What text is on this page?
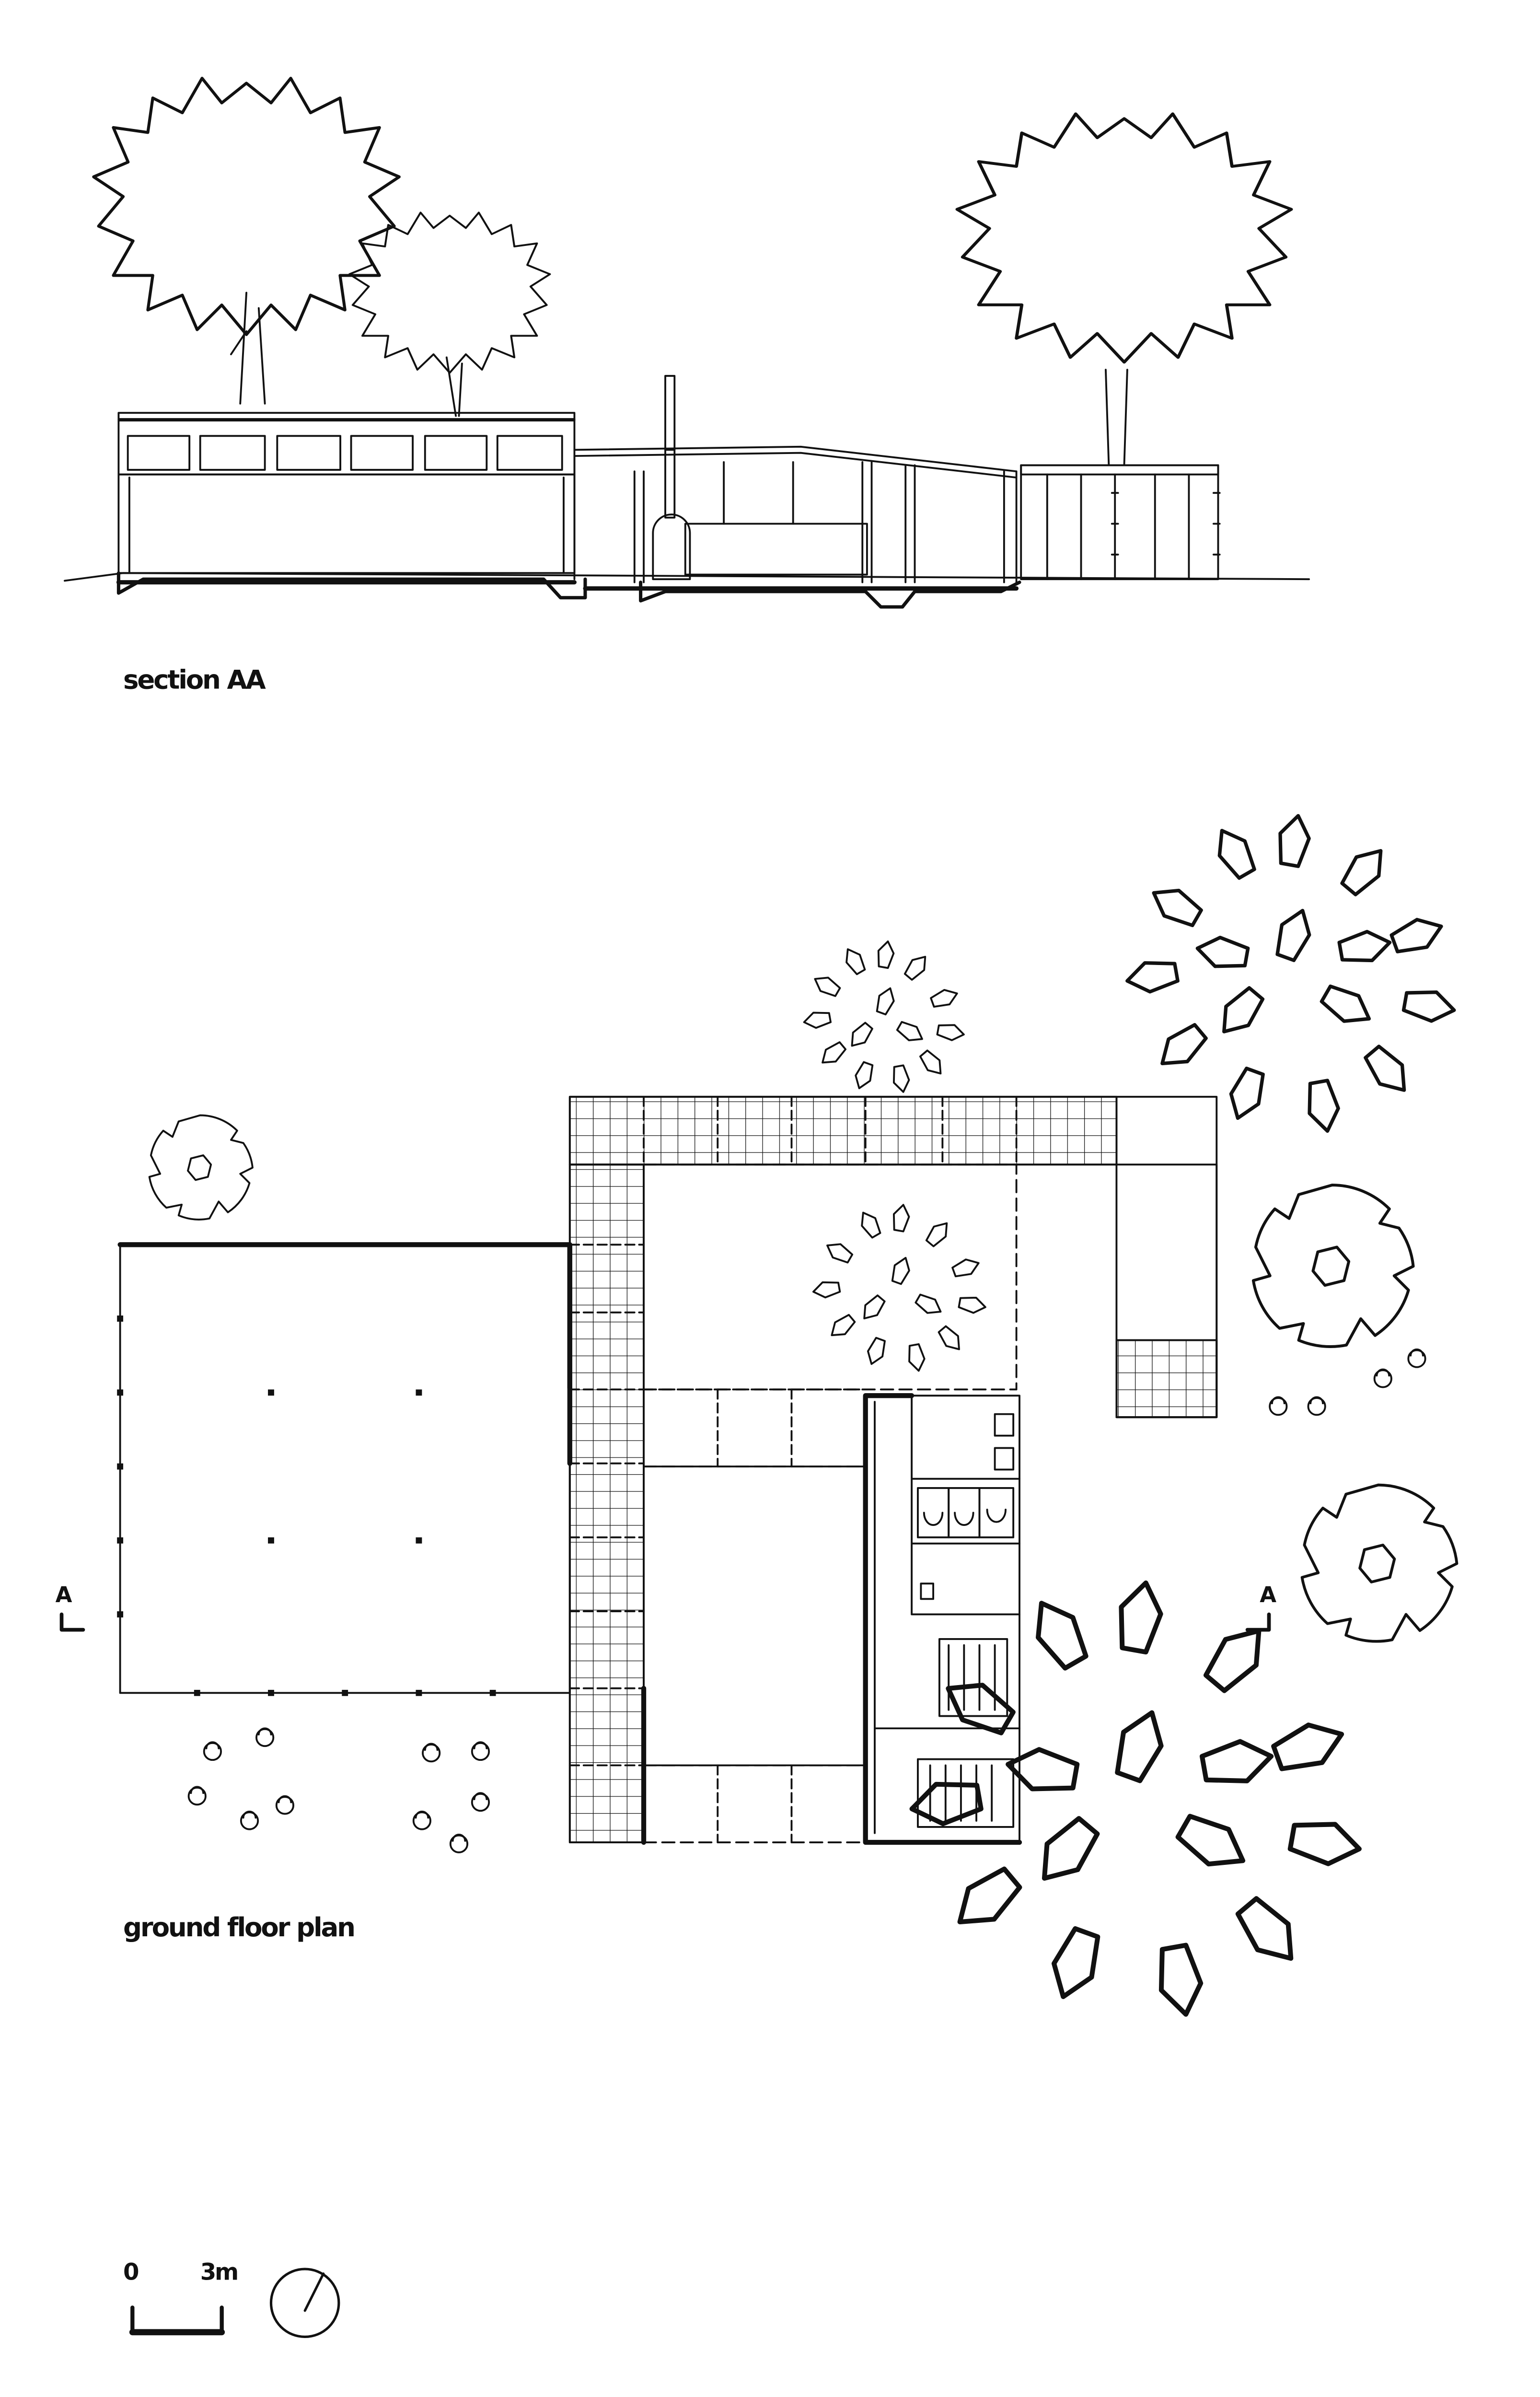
section AA
A	A
ground floor plan
0	3m
